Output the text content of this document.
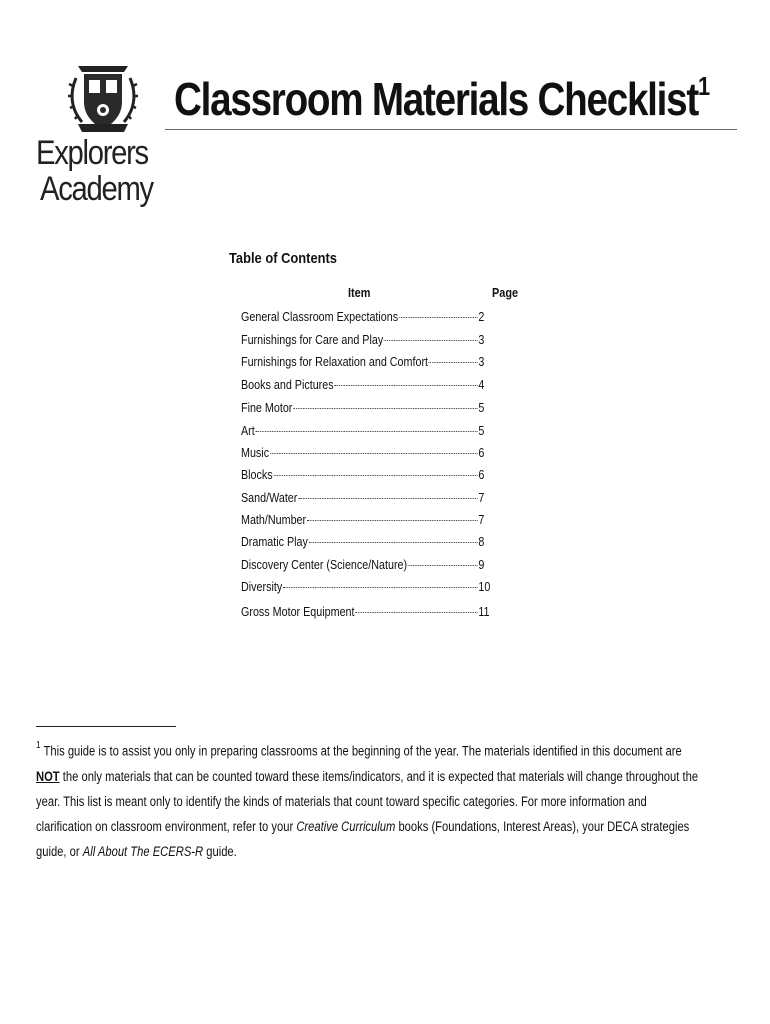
Explorers
Academy
Classroom Materials Checklist$^1$
Table of Contents
Item	Page
General Classroom Expectations	2
Furnishings for Care and Play	3
Furnishings for Relaxation and Comfort	3
Books and Pictures	4
Fine Motor	5
Art	5
Music	6
Blocks	6
Sand/Water	7
Math/Number	7
Dramatic Play	8
Discovery Center (Science/Nature)	9
Diversity	10
Gross Motor Equipment	11
$^1$ This guide is to assist you only in preparing classrooms at the beginning of the year. The materials identified in this document are NOT the only materials that can be counted toward these items/indicators, and it is expected that materials will change throughout the year. This list is meant only to identify the kinds of materials that count toward specific categories. For more information and clarification on classroom environment, refer to your Creative Curriculum books (Foundations, Interest Areas), your DECA strategies guide, or All About The ECERS-R guide.
